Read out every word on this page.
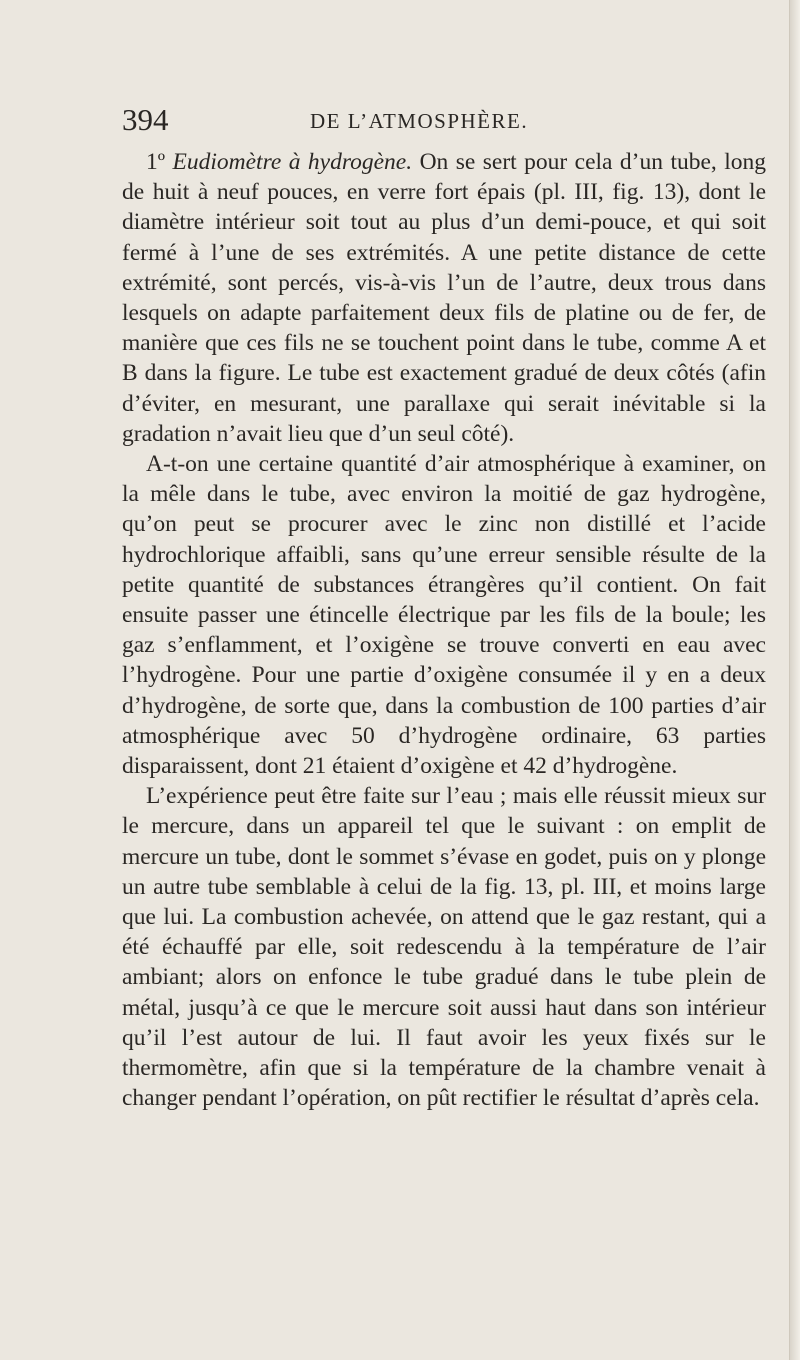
394	DE L’ATMOSPHÈRE.

1º Eudiomètre à hydrogène. On se sert pour cela d’un tube, long de huit à neuf pouces, en verre fort épais (pl. III, fig. 13), dont le diamètre intérieur soit tout au plus d’un demi-pouce, et qui soit fermé à l’une de ses extrémités. A une petite distance de cette extrémité, sont percés, vis-à-vis l’un de l’autre, deux trous dans lesquels on adapte parfaitement deux fils de platine ou de fer, de manière que ces fils ne se touchent point dans le tube, comme A et B dans la figure. Le tube est exactement gradué de deux côtés (afin d’éviter, en mesurant, une parallaxe qui serait inévitable si la gradation n’avait lieu que d’un seul côté).

A-t-on une certaine quantité d’air atmosphérique à examiner, on la mêle dans le tube, avec environ la moitié de gaz hydrogène, qu’on peut se procurer avec le zinc non distillé et l’acide hydrochlorique affaibli, sans qu’une erreur sensible résulte de la petite quantité de substances étrangères qu’il contient. On fait ensuite passer une étincelle électrique par les fils de la boule; les gaz s’enflamment, et l’oxigène se trouve converti en eau avec l’hydrogène. Pour une partie d’oxigène consumée il y en a deux d’hydrogène, de sorte que, dans la combustion de 100 parties d’air atmosphérique avec 50 d’hydrogène ordinaire, 63 parties disparaissent, dont 21 étaient d’oxigène et 42 d’hydrogène.

L’expérience peut être faite sur l’eau ; mais elle réussit mieux sur le mercure, dans un appareil tel que le suivant : on emplit de mercure un tube, dont le sommet s’évase en godet, puis on y plonge un autre tube semblable à celui de la fig. 13, pl. III, et moins large que lui. La combustion achevée, on attend que le gaz restant, qui a été échauffé par elle, soit redescendu à la température de l’air ambiant; alors on enfonce le tube gradué dans le tube plein de métal, jusqu’à ce que le mercure soit aussi haut dans son intérieur qu’il l’est autour de lui. Il faut avoir les yeux fixés sur le thermomètre, afin que si la température de la chambre venait à changer pendant l’opération, on pût rectifier le résultat d’après cela.
